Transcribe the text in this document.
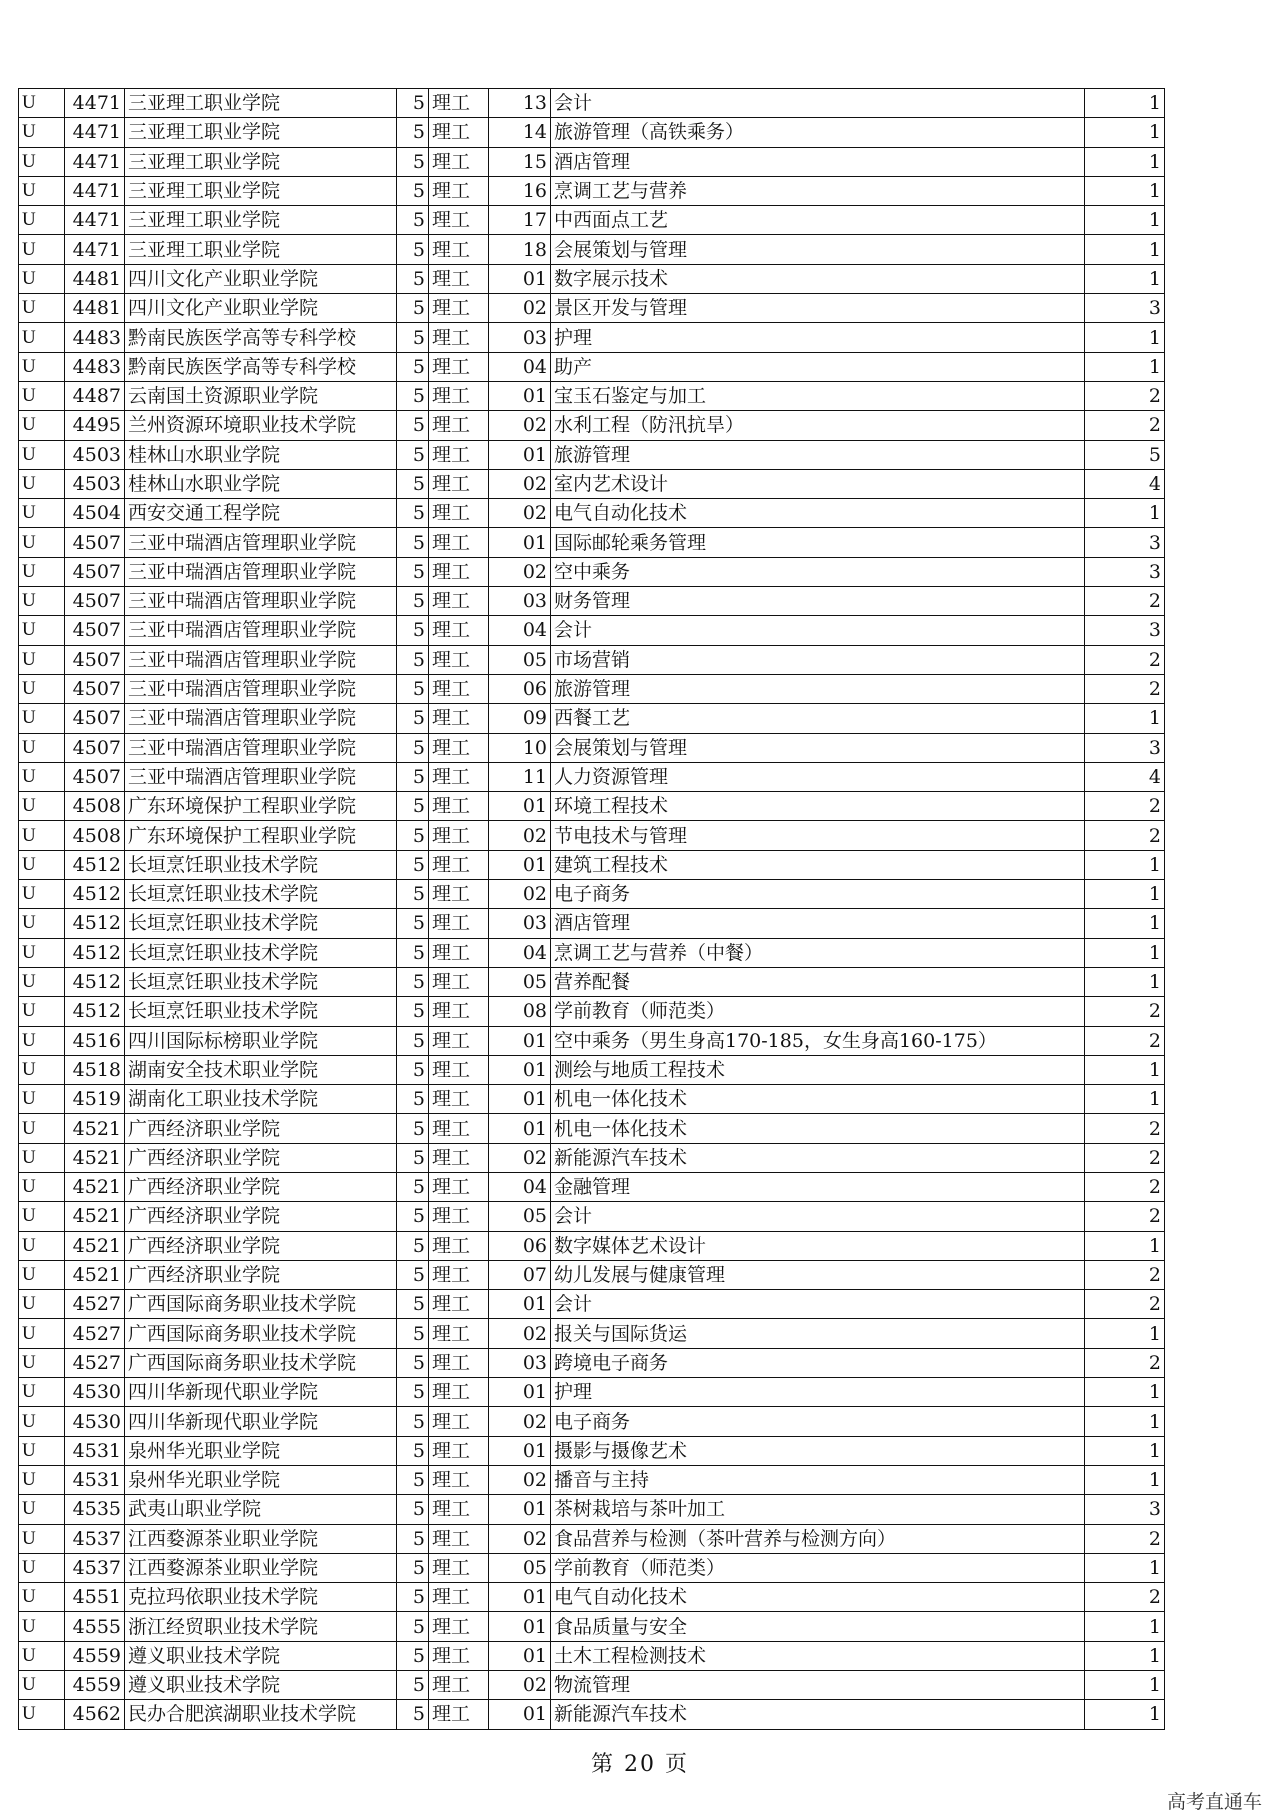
U	4471	三亚理工职业学院	5	理工	13	会计	1
U	4471	三亚理工职业学院	5	理工	14	旅游管理（高铁乘务）	1
U	4471	三亚理工职业学院	5	理工	15	酒店管理	1
U	4471	三亚理工职业学院	5	理工	16	烹调工艺与营养	1
U	4471	三亚理工职业学院	5	理工	17	中西面点工艺	1
U	4471	三亚理工职业学院	5	理工	18	会展策划与管理	1
U	4481	四川文化产业职业学院	5	理工	01	数字展示技术	1
U	4481	四川文化产业职业学院	5	理工	02	景区开发与管理	3
U	4483	黔南民族医学高等专科学校	5	理工	03	护理	1
U	4483	黔南民族医学高等专科学校	5	理工	04	助产	1
U	4487	云南国土资源职业学院	5	理工	01	宝玉石鉴定与加工	2
U	4495	兰州资源环境职业技术学院	5	理工	02	水利工程（防汛抗旱）	2
U	4503	桂林山水职业学院	5	理工	01	旅游管理	5
U	4503	桂林山水职业学院	5	理工	02	室内艺术设计	4
U	4504	西安交通工程学院	5	理工	02	电气自动化技术	1
U	4507	三亚中瑞酒店管理职业学院	5	理工	01	国际邮轮乘务管理	3
U	4507	三亚中瑞酒店管理职业学院	5	理工	02	空中乘务	3
U	4507	三亚中瑞酒店管理职业学院	5	理工	03	财务管理	2
U	4507	三亚中瑞酒店管理职业学院	5	理工	04	会计	3
U	4507	三亚中瑞酒店管理职业学院	5	理工	05	市场营销	2
U	4507	三亚中瑞酒店管理职业学院	5	理工	06	旅游管理	2
U	4507	三亚中瑞酒店管理职业学院	5	理工	09	西餐工艺	1
U	4507	三亚中瑞酒店管理职业学院	5	理工	10	会展策划与管理	3
U	4507	三亚中瑞酒店管理职业学院	5	理工	11	人力资源管理	4
U	4508	广东环境保护工程职业学院	5	理工	01	环境工程技术	2
U	4508	广东环境保护工程职业学院	5	理工	02	节电技术与管理	2
U	4512	长垣烹饪职业技术学院	5	理工	01	建筑工程技术	1
U	4512	长垣烹饪职业技术学院	5	理工	02	电子商务	1
U	4512	长垣烹饪职业技术学院	5	理工	03	酒店管理	1
U	4512	长垣烹饪职业技术学院	5	理工	04	烹调工艺与营养（中餐）	1
U	4512	长垣烹饪职业技术学院	5	理工	05	营养配餐	1
U	4512	长垣烹饪职业技术学院	5	理工	08	学前教育（师范类）	2
U	4516	四川国际标榜职业学院	5	理工	01	空中乘务（男生身高170-185，女生身高160-175）	2
U	4518	湖南安全技术职业学院	5	理工	01	测绘与地质工程技术	1
U	4519	湖南化工职业技术学院	5	理工	01	机电一体化技术	1
U	4521	广西经济职业学院	5	理工	01	机电一体化技术	2
U	4521	广西经济职业学院	5	理工	02	新能源汽车技术	2
U	4521	广西经济职业学院	5	理工	04	金融管理	2
U	4521	广西经济职业学院	5	理工	05	会计	2
U	4521	广西经济职业学院	5	理工	06	数字媒体艺术设计	1
U	4521	广西经济职业学院	5	理工	07	幼儿发展与健康管理	2
U	4527	广西国际商务职业技术学院	5	理工	01	会计	2
U	4527	广西国际商务职业技术学院	5	理工	02	报关与国际货运	1
U	4527	广西国际商务职业技术学院	5	理工	03	跨境电子商务	2
U	4530	四川华新现代职业学院	5	理工	01	护理	1
U	4530	四川华新现代职业学院	5	理工	02	电子商务	1
U	4531	泉州华光职业学院	5	理工	01	摄影与摄像艺术	1
U	4531	泉州华光职业学院	5	理工	02	播音与主持	1
U	4535	武夷山职业学院	5	理工	01	茶树栽培与茶叶加工	3
U	4537	江西婺源茶业职业学院	5	理工	02	食品营养与检测（茶叶营养与检测方向）	2
U	4537	江西婺源茶业职业学院	5	理工	05	学前教育（师范类）	1
U	4551	克拉玛依职业技术学院	5	理工	01	电气自动化技术	2
U	4555	浙江经贸职业技术学院	5	理工	01	食品质量与安全	1
U	4559	遵义职业技术学院	5	理工	01	土木工程检测技术	1
U	4559	遵义职业技术学院	5	理工	02	物流管理	1
U	4562	民办合肥滨湖职业技术学院	5	理工	01	新能源汽车技术	1
第 20 页
高考直通车
